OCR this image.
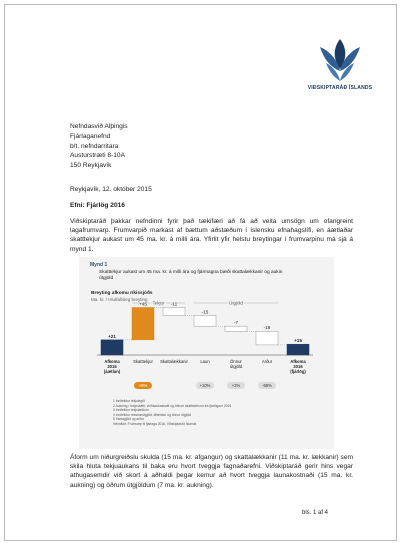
VIÐSKIPTARÁÐ ÍSLANDS
Nefndasvið Alþingis
Fjárlaganefnd
b/t. nefndarritara
Austurstræti 8-10A
150 Reykjavík
Reykjavík, 12. október 2015
Efni: Fjárlög 2016
Viðskiptaráð þakkar nefndinni fyrir það tækifæri að fá að veita umsögn um ofangreint lagafrumvarp. Frumvarpið markast af bættum aðstæðum í íslensku efnahagslífi, en áætlaðar skatttekjur aukast um 45 ma. kr. á milli ára. Yfirlit yfir helstu breytingar í frumvarpinu má sjá á mynd 1.
Mynd 1
Skatttekjur aukast um 45 ma. kr. á milli ára og fjármagna bæði skattalækkanir og aukin útgjöld
Breyting afkomu ríkissjóðs
Ma. kr. / Hlutfallsleg breyting
+21
Afkoma
2015
(áætlun)
+45
Skatttekjur
+6%
-11
Skattalækkanir
-15
Laun
+10%
-7
Önnur
útgjöld
+2%
-19
Arður
-58%
+15
Afkoma
2016
(fjárlög)
Tekjur	Útgjöld
1 Innifelldur tekjulegið
2 Aukning í tekjuskatti, virðisaukaskatti og öðrum skattstofnum frá fjárlögum 2015
3 Innifelldur tekjulækkun
4 Innifelldur rekstrarútgjöld, tilfærslur og önnur útgjöld
5 Vaxtagjöld og arður
Heimildir: Frumvarp til fjárlaga 2016, Viðskiptaráð Íslands
Áform um niðurgreiðslu skulda (15 ma. kr. afgangur) og skattalækkanir (11 ma. kr. lækkanir) sem skila hluta tekjuaukans til baka eru hvort tveggja fagnaðarefni. Viðskiptaráð gerir hins vegar athugasemdir við skort á aðhaldi þegar kemur að hvort tveggja launakostnaði (15 ma. kr. aukning) og öðrum útgjöldum (7 ma. kr. aukning).
bls. 1 af 4
